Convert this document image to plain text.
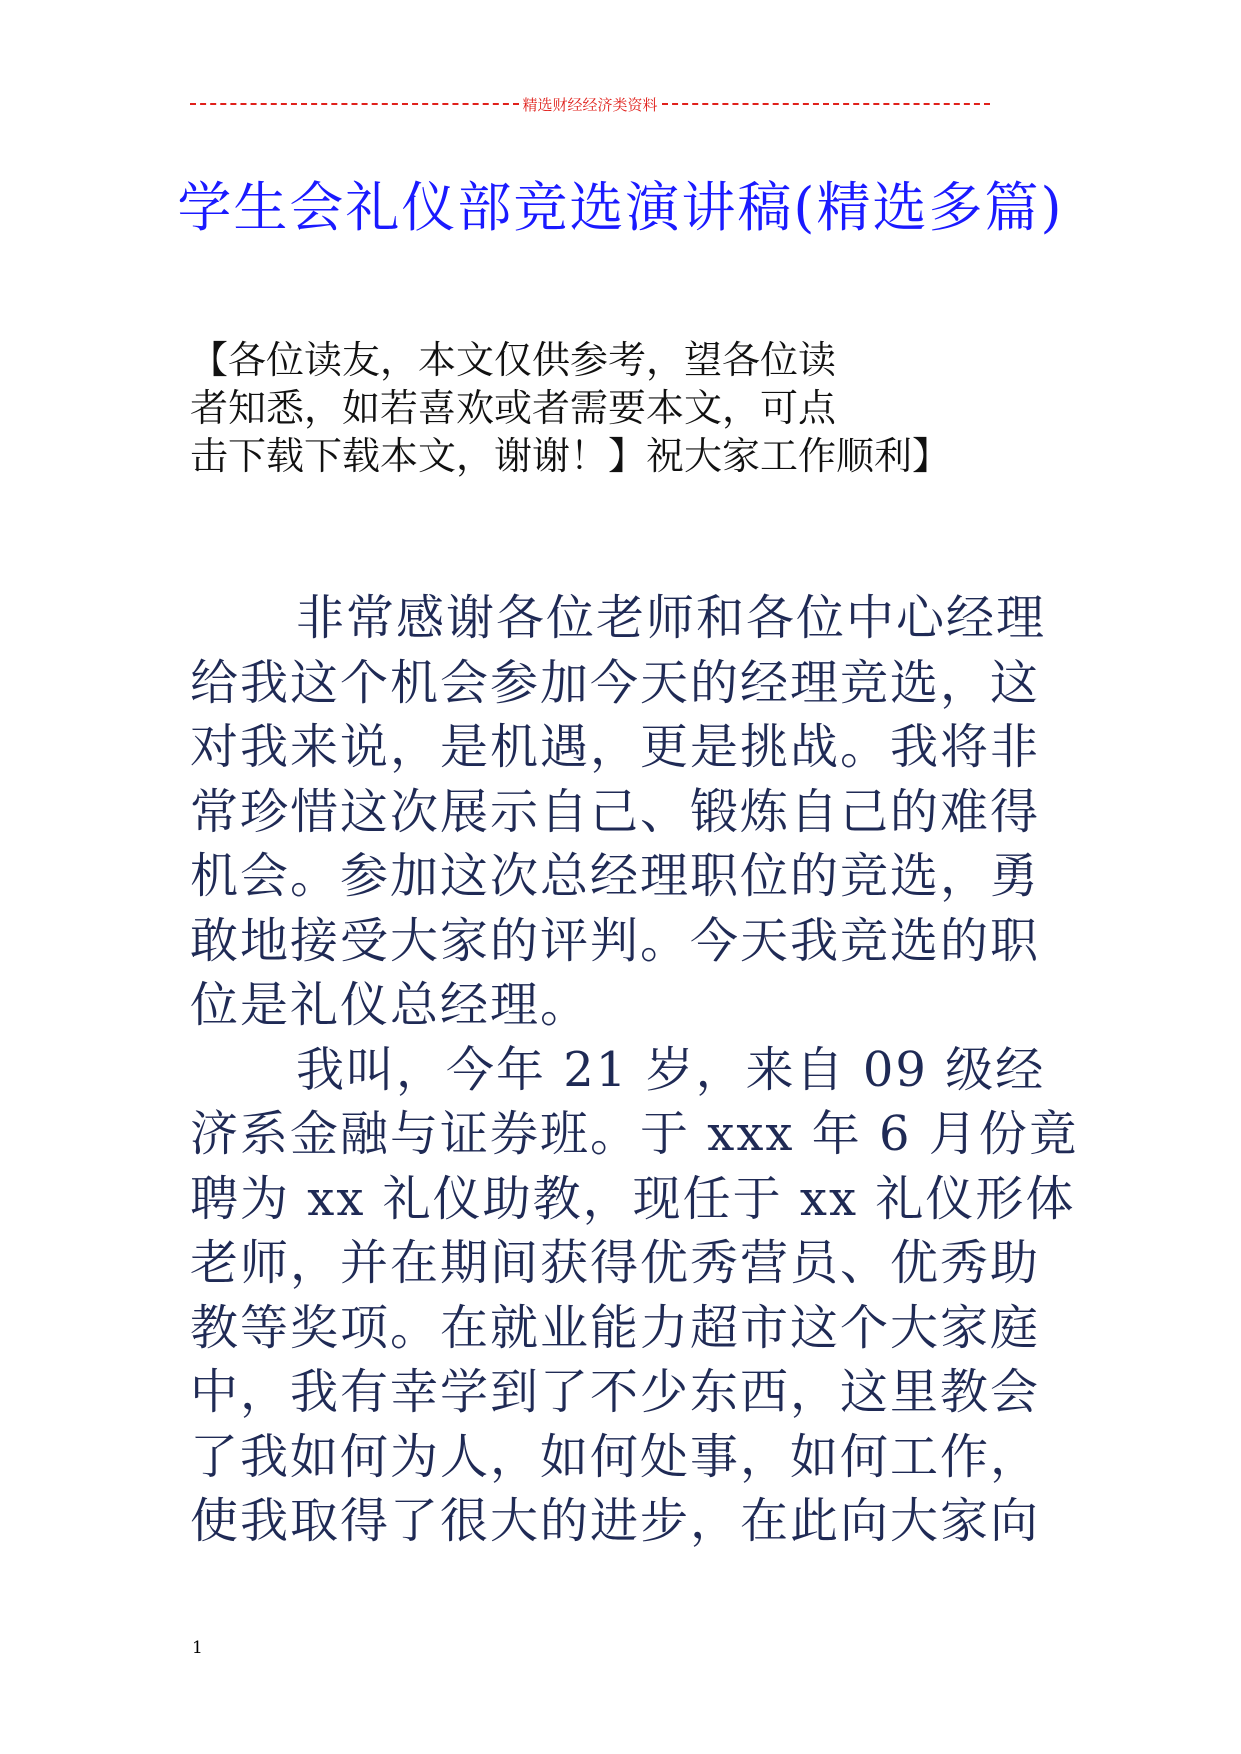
精选财经经济类资料
学生会礼仪部竞选演讲稿(精选多篇)
【各位读友，本文仅供参考，望各位读
者知悉，如若喜欢或者需要本文，可点
击下载下载本文，谢谢！】祝大家工作顺利】
非常感谢各位老师和各位中心经理
给我这个机会参加今天的经理竞选，这
对我来说，是机遇，更是挑战。我将非
常珍惜这次展示自己、锻炼自己的难得
机会。参加这次总经理职位的竞选，勇
敢地接受大家的评判。今天我竞选的职
位是礼仪总经理。
我叫，今年 21 岁，来自 09 级经
济系金融与证券班。于 xxx 年 6 月份竟
聘为 xx 礼仪助教，现任于 xx 礼仪形体
老师，并在期间获得优秀营员、优秀助
教等奖项。在就业能力超市这个大家庭
中，我有幸学到了不少东西，这里教会
了我如何为人，如何处事，如何工作，
使我取得了很大的进步，在此向大家向
1
